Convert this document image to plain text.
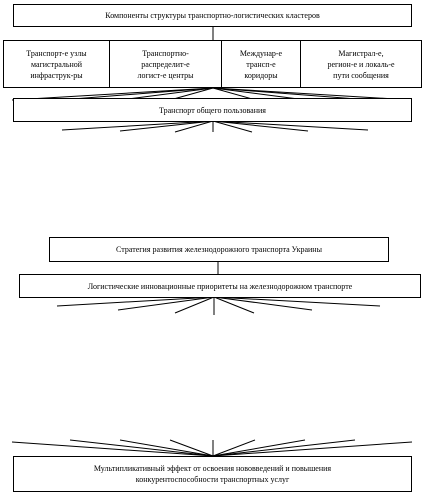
Компоненты структуры транспортно-логистических кластеров
Транспорт-е узлы
магистральной
инфраструк-ры
Транспортно-
распределит-е
логист-е центры
Междунар-е
трансп-е
коридоры
Магистрал-е,
регион-е и локаль-е
пути сообщения
Транспорт общего пользования
Стратегия развития железнодорожного транспорта Украины
Логистические инновационные приоритеты на железнодорожном транспорте
Мультипликативный эффект от освоения нововведений и повышения
конкурентоспособности транспортных услуг
